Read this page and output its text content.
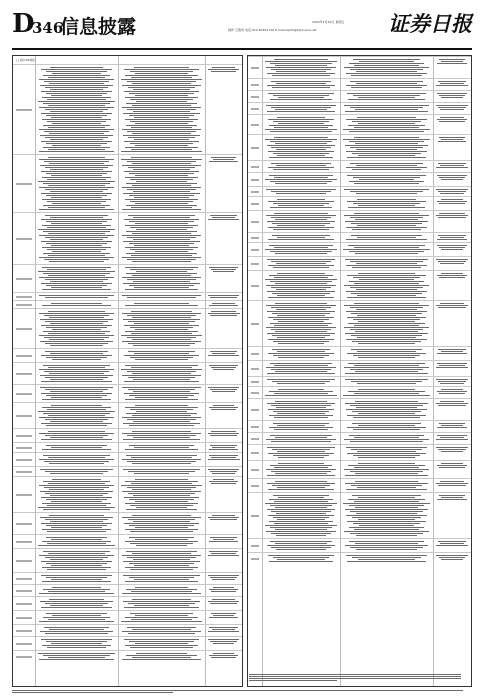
D
346
信息披露	2022年4月29日 星期五
制作:王敬涛 电话:010-83251716 E-mail:zqrb9@zqrb.sina.net	证券日报
(上接C345版)
